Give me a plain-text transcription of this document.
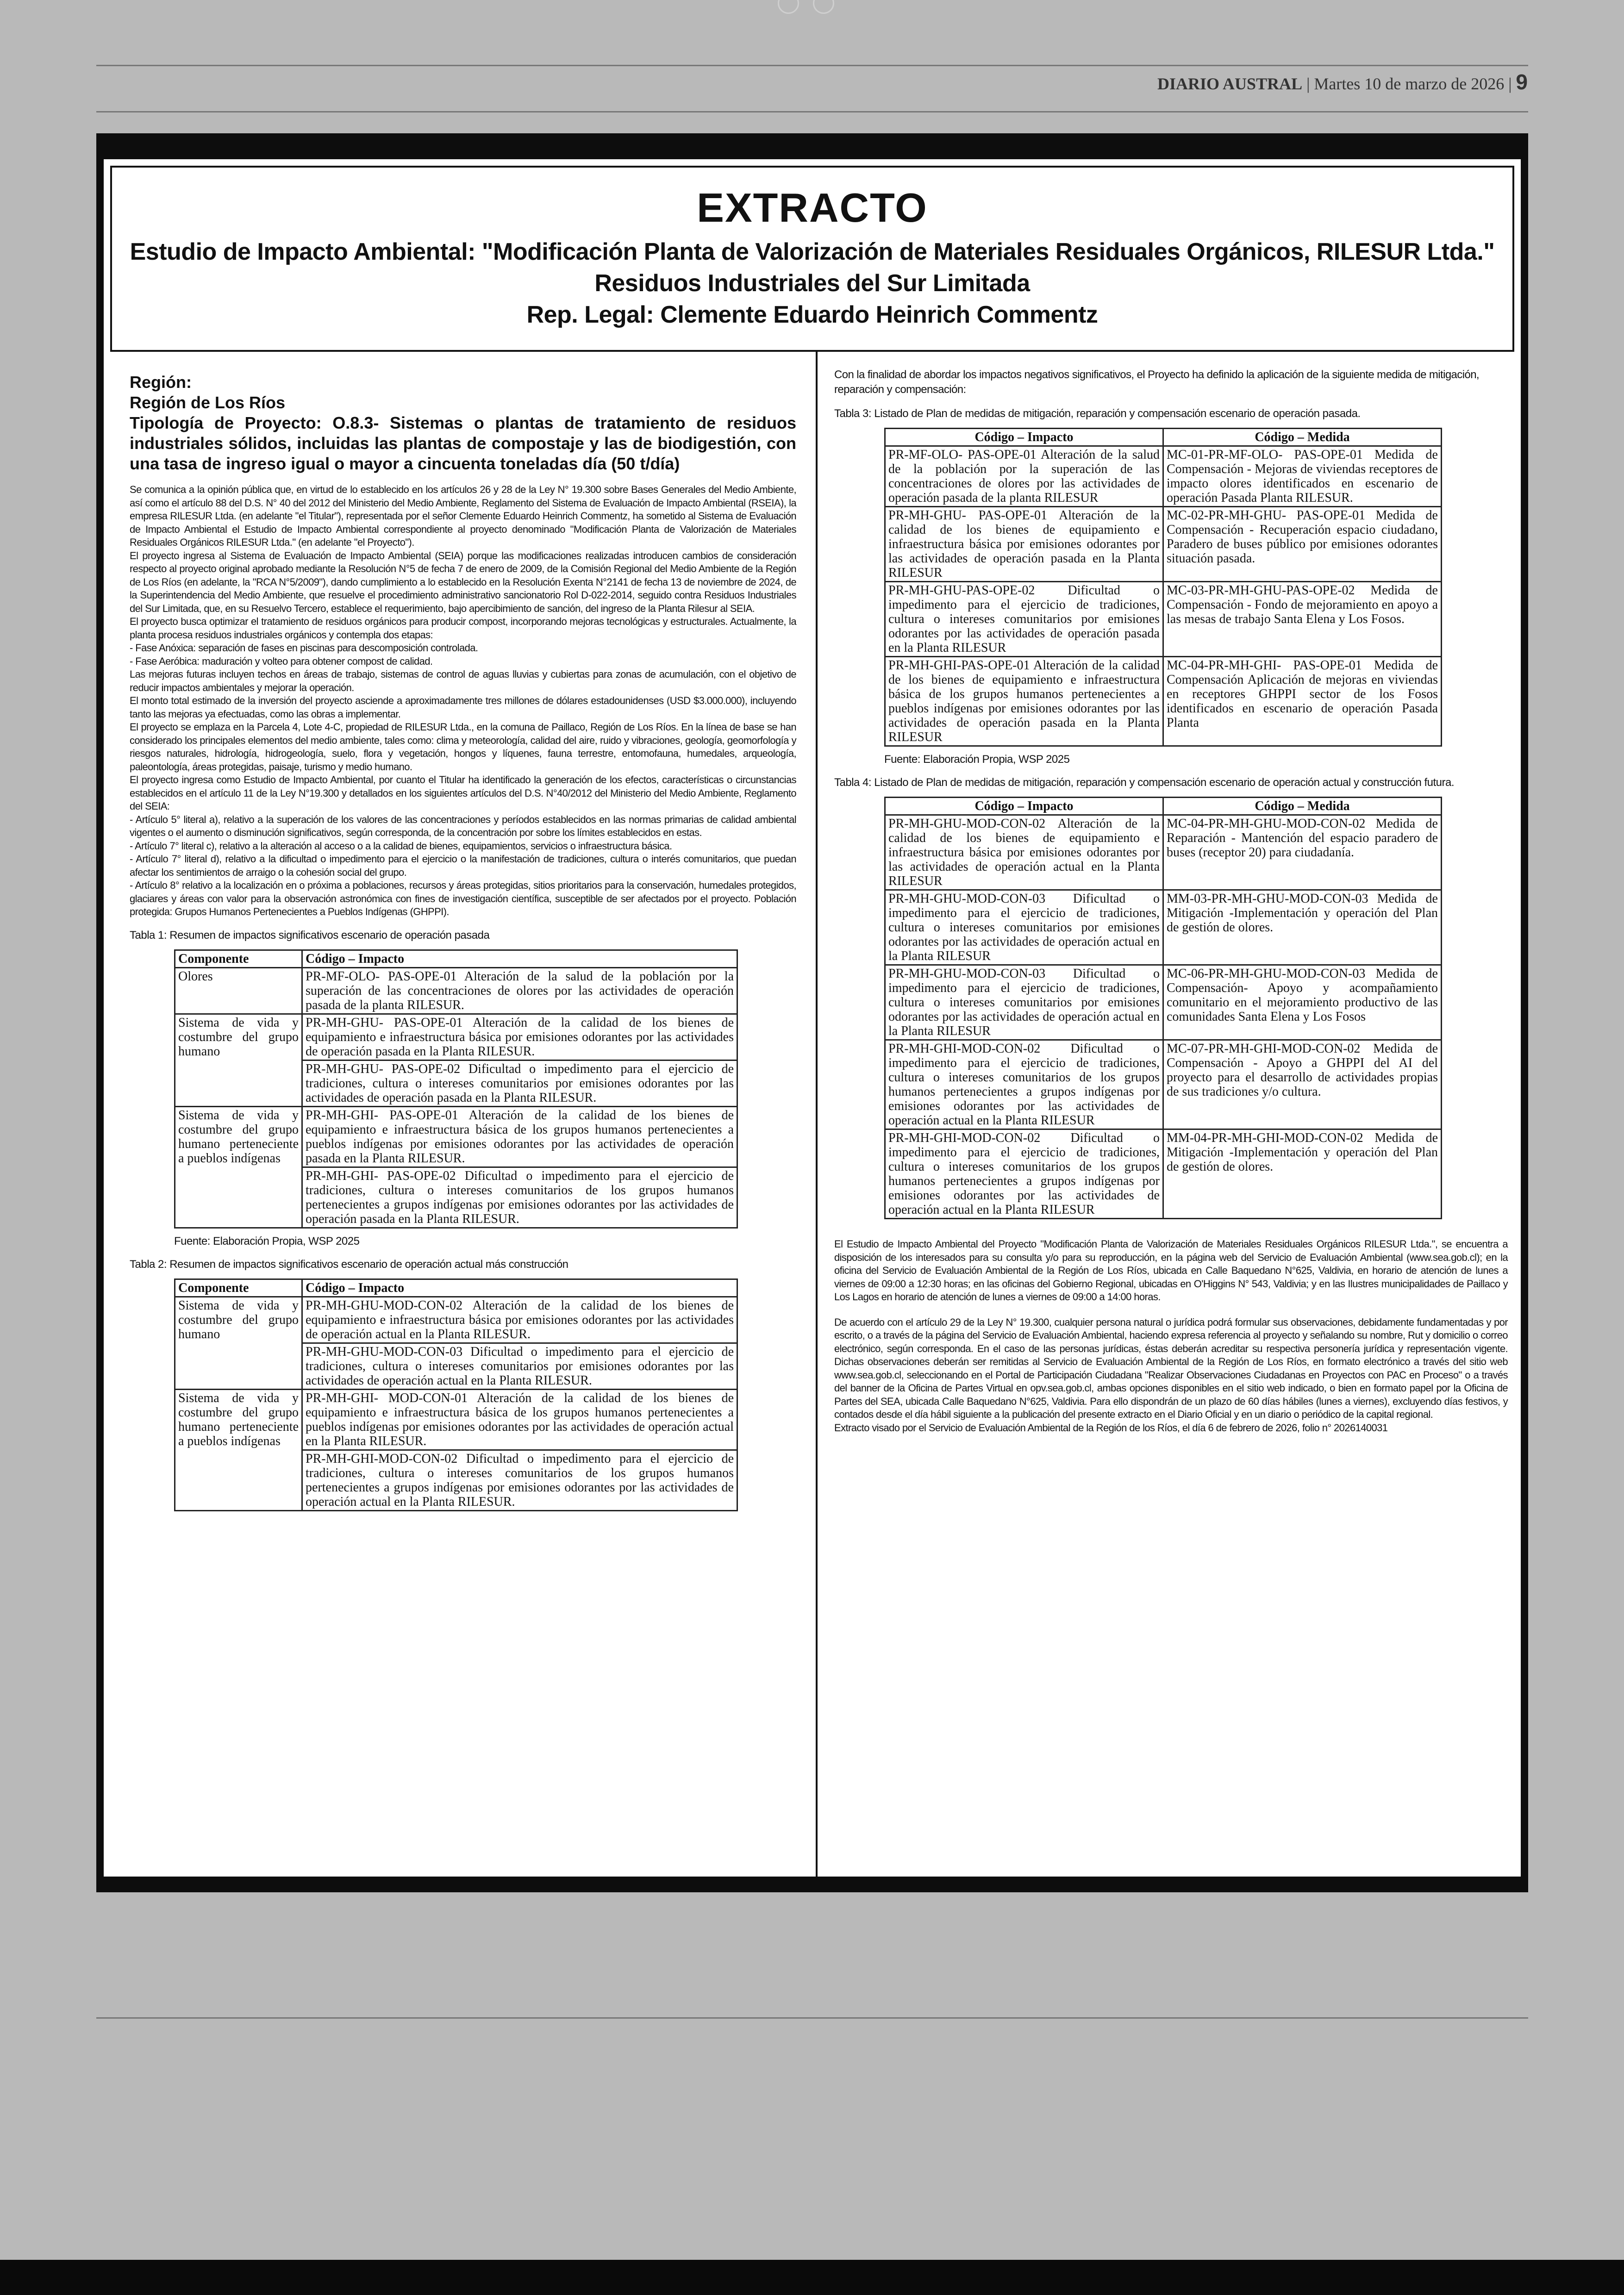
DIARIO AUSTRAL | Martes 10 de marzo de 2026 | 9
EXTRACTO
Estudio de Impacto Ambiental: "Modificación Planta de Valorización de Materiales Residuales Orgánicos, RILESUR Ltda."
Residuos Industriales del Sur Limitada
Rep. Legal: Clemente Eduardo Heinrich Commentz

Región:

Región de Los Ríos

Tipología de Proyecto: O.8.3- Sistemas o plantas de tratamiento de residuos industriales sólidos, incluidas las plantas de compostaje y las de biodigestión, con una tasa de ingreso igual o mayor a cincuenta toneladas día (50 t/día)

Se comunica a la opinión pública que, en virtud de lo establecido en los artículos 26 y 28 de la Ley N° 19.300 sobre Bases Generales del Medio Ambiente, así como el artículo 88 del D.S. N° 40 del 2012 del Ministerio del Medio Ambiente, Reglamento del Sistema de Evaluación de Impacto Ambiental (RSEIA), la empresa RILESUR Ltda. (en adelante "el Titular"), representada por el señor Clemente Eduardo Heinrich Commentz, ha sometido al Sistema de Evaluación de Impacto Ambiental el Estudio de Impacto Ambiental correspondiente al proyecto denominado "Modificación Planta de Valorización de Materiales Residuales Orgánicos RILESUR Ltda." (en adelante "el Proyecto").

El proyecto ingresa al Sistema de Evaluación de Impacto Ambiental (SEIA) porque las modificaciones realizadas introducen cambios de consideración respecto al proyecto original aprobado mediante la Resolución N°5 de fecha 7 de enero de 2009, de la Comisión Regional del Medio Ambiente de la Región de Los Ríos (en adelante, la "RCA N°5/2009"), dando cumplimiento a lo establecido en la Resolución Exenta N°2141 de fecha 13 de noviembre de 2024, de la Superintendencia del Medio Ambiente, que resuelve el procedimiento administrativo sancionatorio Rol D-022-2014, seguido contra Residuos Industriales del Sur Limitada, que, en su Resuelvo Tercero, establece el requerimiento, bajo apercibimiento de sanción, del ingreso de la Planta Rilesur al SEIA.

El proyecto busca optimizar el tratamiento de residuos orgánicos para producir compost, incorporando mejoras tecnológicas y estructurales. Actualmente, la planta procesa residuos industriales orgánicos y contempla dos etapas:

- Fase Anóxica: separación de fases en piscinas para descomposición controlada.

- Fase Aeróbica: maduración y volteo para obtener compost de calidad.

Las mejoras futuras incluyen techos en áreas de trabajo, sistemas de control de aguas lluvias y cubiertas para zonas de acumulación, con el objetivo de reducir impactos ambientales y mejorar la operación.

El monto total estimado de la inversión del proyecto asciende a aproximadamente tres millones de dólares estadounidenses (USD $3.000.000), incluyendo tanto las mejoras ya efectuadas, como las obras a implementar.

El proyecto se emplaza en la Parcela 4, Lote 4-C, propiedad de RILESUR Ltda., en la comuna de Paillaco, Región de Los Ríos. En la línea de base se han considerado los principales elementos del medio ambiente, tales como: clima y meteorología, calidad del aire, ruido y vibraciones, geología, geomorfología y riesgos naturales, hidrología, hidrogeología, suelo, flora y vegetación, hongos y líquenes, fauna terrestre, entomofauna, humedales, arqueología, paleontología, áreas protegidas, paisaje, turismo y medio humano.

El proyecto ingresa como Estudio de Impacto Ambiental, por cuanto el Titular ha identificado la generación de los efectos, características o circunstancias establecidos en el artículo 11 de la Ley N°19.300 y detallados en los siguientes artículos del D.S. N°40/2012 del Ministerio del Medio Ambiente, Reglamento del SEIA:

- Artículo 5° literal a), relativo a la superación de los valores de las concentraciones y períodos establecidos en las normas primarias de calidad ambiental vigentes o el aumento o disminución significativos, según corresponda, de la concentración por sobre los límites establecidos en estas.

- Artículo 7° literal c), relativo a la alteración al acceso o a la calidad de bienes, equipamientos, servicios o infraestructura básica.

- Artículo 7° literal d), relativo a la dificultad o impedimento para el ejercicio o la manifestación de tradiciones, cultura o interés comunitarios, que puedan afectar los sentimientos de arraigo o la cohesión social del grupo.

- Artículo 8° relativo a la localización en o próxima a poblaciones, recursos y áreas protegidas, sitios prioritarios para la conservación, humedales protegidos, glaciares y áreas con valor para la observación astronómica con fines de investigación científica, susceptible de ser afectados por el proyecto. Población protegida: Grupos Humanos Pertenecientes a Pueblos Indígenas (GHPPI).

Tabla 1: Resumen de impactos significativos escenario de operación pasada
Componente	Código – Impacto
Olores	PR-MF-OLO- PAS-OPE-01 Alteración de la salud de la población por la superación de las concentraciones de olores por las actividades de operación pasada de la planta RILESUR.
Sistema de vida y costumbre del grupo humano	PR-MH-GHU- PAS-OPE-01 Alteración de la calidad de los bienes de equipamiento e infraestructura básica por emisiones odorantes por las actividades de operación pasada en la Planta RILESUR.
	PR-MH-GHU- PAS-OPE-02 Dificultad o impedimento para el ejercicio de tradiciones, cultura o intereses comunitarios por emisiones odorantes por las actividades de operación pasada en la Planta RILESUR.
Sistema de vida y costumbre del grupo humano perteneciente a pueblos indígenas	PR-MH-GHI- PAS-OPE-01 Alteración de la calidad de los bienes de equipamiento e infraestructura básica de los grupos humanos pertenecientes a pueblos indígenas por emisiones odorantes por las actividades de operación pasada en la Planta RILESUR.
	PR-MH-GHI- PAS-OPE-02 Dificultad o impedimento para el ejercicio de tradiciones, cultura o intereses comunitarios de los grupos humanos pertenecientes a grupos indígenas por emisiones odorantes por las actividades de operación pasada en la Planta RILESUR.
Fuente: Elaboración Propia, WSP 2025
Tabla 2: Resumen de impactos significativos escenario de operación actual más construcción
Componente	Código – Impacto
Sistema de vida y costumbre del grupo humano	PR-MH-GHU-MOD-CON-02 Alteración de la calidad de los bienes de equipamiento e infraestructura básica por emisiones odorantes por las actividades de operación actual en la Planta RILESUR.
	PR-MH-GHU-MOD-CON-03 Dificultad o impedimento para el ejercicio de tradiciones, cultura o intereses comunitarios por emisiones odorantes por las actividades de operación actual en la Planta RILESUR.
Sistema de vida y costumbre del grupo humano perteneciente a pueblos indígenas	PR-MH-GHI- MOD-CON-01 Alteración de la calidad de los bienes de equipamiento e infraestructura básica de los grupos humanos pertenecientes a pueblos indígenas por emisiones odorantes por las actividades de operación actual en la Planta RILESUR.
	PR-MH-GHI-MOD-CON-02 Dificultad o impedimento para el ejercicio de tradiciones, cultura o intereses comunitarios de los grupos humanos pertenecientes a grupos indígenas por emisiones odorantes por las actividades de operación actual en la Planta RILESUR.
Con la finalidad de abordar los impactos negativos significativos, el Proyecto ha definido la aplicación de la siguiente medida de mitigación, reparación y compensación:
Tabla 3: Listado de Plan de medidas de mitigación, reparación y compensación escenario de operación pasada.
Código – Impacto	Código – Medida
PR-MF-OLO- PAS-OPE-01 Alteración de la salud de la población por la superación de las concentraciones de olores por las actividades de operación pasada de la planta RILESUR	MC-01-PR-MF-OLO- PAS-OPE-01 Medida de Compensación - Mejoras de viviendas receptores de impacto olores identificados en escenario de operación Pasada Planta RILESUR.
PR-MH-GHU- PAS-OPE-01 Alteración de la calidad de los bienes de equipamiento e infraestructura básica por emisiones odorantes por las actividades de operación pasada en la Planta RILESUR	MC-02-PR-MH-GHU- PAS-OPE-01 Medida de Compensación - Recuperación espacio ciudadano, Paradero de buses público por emisiones odorantes situación pasada.
PR-MH-GHU-PAS-OPE-02 Dificultad o impedimento para el ejercicio de tradiciones, cultura o intereses comunitarios por emisiones odorantes por las actividades de operación pasada en la Planta RILESUR	MC-03-PR-MH-GHU-PAS-OPE-02 Medida de Compensación - Fondo de mejoramiento en apoyo a las mesas de trabajo Santa Elena y Los Fosos.
PR-MH-GHI-PAS-OPE-01 Alteración de la calidad de los bienes de equipamiento e infraestructura básica de los grupos humanos pertenecientes a pueblos indígenas por emisiones odorantes por las actividades de operación pasada en la Planta RILESUR	MC-04-PR-MH-GHI- PAS-OPE-01 Medida de Compensación Aplicación de mejoras en viviendas en receptores GHPPI sector de los Fosos identificados en escenario de operación Pasada Planta
Fuente: Elaboración Propia, WSP 2025
Tabla 4: Listado de Plan de medidas de mitigación, reparación y compensación escenario de operación actual y construcción futura.
Código – Impacto	Código – Medida
PR-MH-GHU-MOD-CON-02 Alteración de la calidad de los bienes de equipamiento e infraestructura básica por emisiones odorantes por las actividades de operación actual en la Planta RILESUR	MC-04-PR-MH-GHU-MOD-CON-02 Medida de Reparación - Mantención del espacio paradero de buses (receptor 20) para ciudadanía.
PR-MH-GHU-MOD-CON-03 Dificultad o impedimento para el ejercicio de tradiciones, cultura o intereses comunitarios por emisiones odorantes por las actividades de operación actual en la Planta RILESUR	MM-03-PR-MH-GHU-MOD-CON-03 Medida de Mitigación -Implementación y operación del Plan de gestión de olores.
PR-MH-GHU-MOD-CON-03 Dificultad o impedimento para el ejercicio de tradiciones, cultura o intereses comunitarios por emisiones odorantes por las actividades de operación actual en la Planta RILESUR	MC-06-PR-MH-GHU-MOD-CON-03 Medida de Compensación- Apoyo y acompañamiento comunitario en el mejoramiento productivo de las comunidades Santa Elena y Los Fosos
PR-MH-GHI-MOD-CON-02 Dificultad o impedimento para el ejercicio de tradiciones, cultura o intereses comunitarios de los grupos humanos pertenecientes a grupos indígenas por emisiones odorantes por las actividades de operación actual en la Planta RILESUR	MC-07-PR-MH-GHI-MOD-CON-02 Medida de Compensación - Apoyo a GHPPI del AI del proyecto para el desarrollo de actividades propias de sus tradiciones y/o cultura.
PR-MH-GHI-MOD-CON-02 Dificultad o impedimento para el ejercicio de tradiciones, cultura o intereses comunitarios de los grupos humanos pertenecientes a grupos indígenas por emisiones odorantes por las actividades de operación actual en la Planta RILESUR	MM-04-PR-MH-GHI-MOD-CON-02 Medida de Mitigación -Implementación y operación del Plan de gestión de olores.

El Estudio de Impacto Ambiental del Proyecto "Modificación Planta de Valorización de Materiales Residuales Orgánicos RILESUR Ltda.", se encuentra a disposición de los interesados para su consulta y/o para su reproducción, en la página web del Servicio de Evaluación Ambiental (www.sea.gob.cl); en la oficina del Servicio de Evaluación Ambiental de la Región de Los Ríos, ubicada en Calle Baquedano N°625, Valdivia, en horario de atención de lunes a viernes de 09:00 a 12:30 horas; en las oficinas del Gobierno Regional, ubicadas en O'Higgins N° 543, Valdivia; y en las Ilustres municipalidades de Paillaco y Los Lagos en horario de atención de lunes a viernes de 09:00 a 14:00 horas.

De acuerdo con el artículo 29 de la Ley N° 19.300, cualquier persona natural o jurídica podrá formular sus observaciones, debidamente fundamentadas y por escrito, o a través de la página del Servicio de Evaluación Ambiental, haciendo expresa referencia al proyecto y señalando su nombre, Rut y domicilio o correo electrónico, según corresponda. En el caso de las personas jurídicas, éstas deberán acreditar su respectiva personería jurídica y representación vigente. Dichas observaciones deberán ser remitidas al Servicio de Evaluación Ambiental de la Región de Los Ríos, en formato electrónico a través del sitio web www.sea.gob.cl, seleccionando en el Portal de Participación Ciudadana "Realizar Observaciones Ciudadanas en Proyectos con PAC en Proceso" o a través del banner de la Oficina de Partes Virtual en opv.sea.gob.cl, ambas opciones disponibles en el sitio web indicado, o bien en formato papel por la Oficina de Partes del SEA, ubicada Calle Baquedano N°625, Valdivia. Para ello dispondrán de un plazo de 60 días hábiles (lunes a viernes), excluyendo días festivos, y contados desde el día hábil siguiente a la publicación del presente extracto en el Diario Oficial y en un diario o periódico de la capital regional.

Extracto visado por el Servicio de Evaluación Ambiental de la Región de los Ríos, el día 6 de febrero de 2026, folio n° 2026140031
